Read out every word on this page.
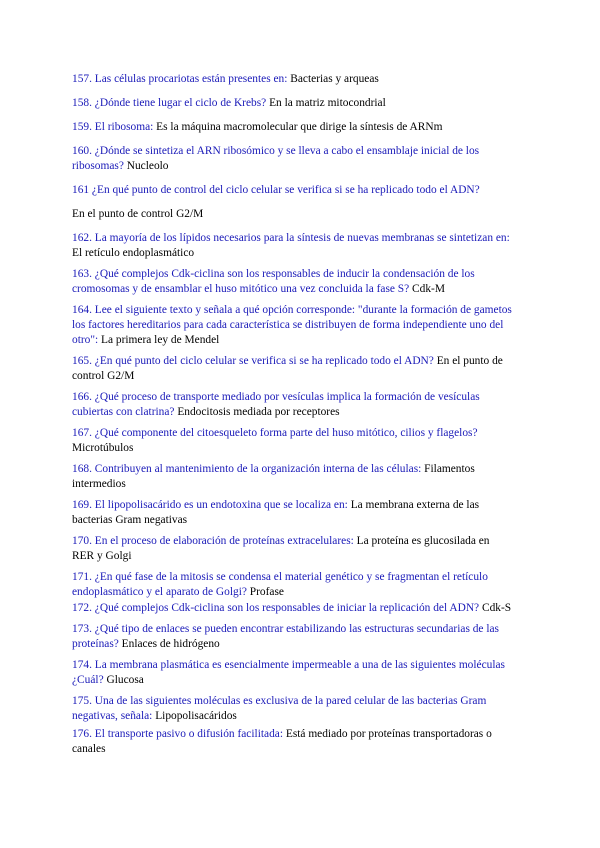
157. Las células procariotas están presentes en: Bacterias y arqueas

158. ¿Dónde tiene lugar el ciclo de Krebs? En la matriz mitocondrial

159. El ribosoma: Es la máquina macromolecular que dirige la síntesis de ARNm

160. ¿Dónde se sintetiza el ARN ribosómico y se lleva a cabo el ensamblaje inicial de los ribosomas? Nucleolo

161 ¿En qué punto de control del ciclo celular se verifica si se ha replicado todo el ADN?

En el punto de control G2/M

162. La mayoría de los lípidos necesarios para la síntesis de nuevas membranas se sintetizan en: El retículo endoplasmático

163. ¿Qué complejos Cdk-ciclina son los responsables de inducir la condensación de los cromosomas y de ensamblar el huso mitótico una vez concluida la fase S? Cdk-M

164. Lee el siguiente texto y señala a qué opción corresponde: "durante la formación de gametos los factores hereditarios para cada característica se distribuyen de forma independiente uno del otro": La primera ley de Mendel

165. ¿En qué punto del ciclo celular se verifica si se ha replicado todo el ADN? En el punto de control G2/M

166. ¿Qué proceso de transporte mediado por vesículas implica la formación de vesículas cubiertas con clatrina? Endocitosis mediada por receptores

167. ¿Qué componente del citoesqueleto forma parte del huso mitótico, cilios y flagelos? Microtúbulos

168. Contribuyen al mantenimiento de la organización interna de las células: Filamentos intermedios

169. El lipopolisacárido es un endotoxina que se localiza en: La membrana externa de las bacterias Gram negativas

170. En el proceso de elaboración de proteínas extracelulares: La proteína es glucosilada en RER y Golgi

171. ¿En qué fase de la mitosis se condensa el material genético y se fragmentan el retículo endoplasmático y el aparato de Golgi? Profase

172. ¿Qué complejos Cdk-ciclina son los responsables de iniciar la replicación del ADN? Cdk-S

173. ¿Qué tipo de enlaces se pueden encontrar estabilizando las estructuras secundarias de las proteínas? Enlaces de hidrógeno

174. La membrana plasmática es esencialmente impermeable a una de las siguientes moléculas ¿Cuál? Glucosa

175. Una de las siguientes moléculas es exclusiva de la pared celular de las bacterias Gram negativas, señala: Lipopolisacáridos

176. El transporte pasivo o difusión facilitada: Está mediado por proteínas transportadoras o canales
